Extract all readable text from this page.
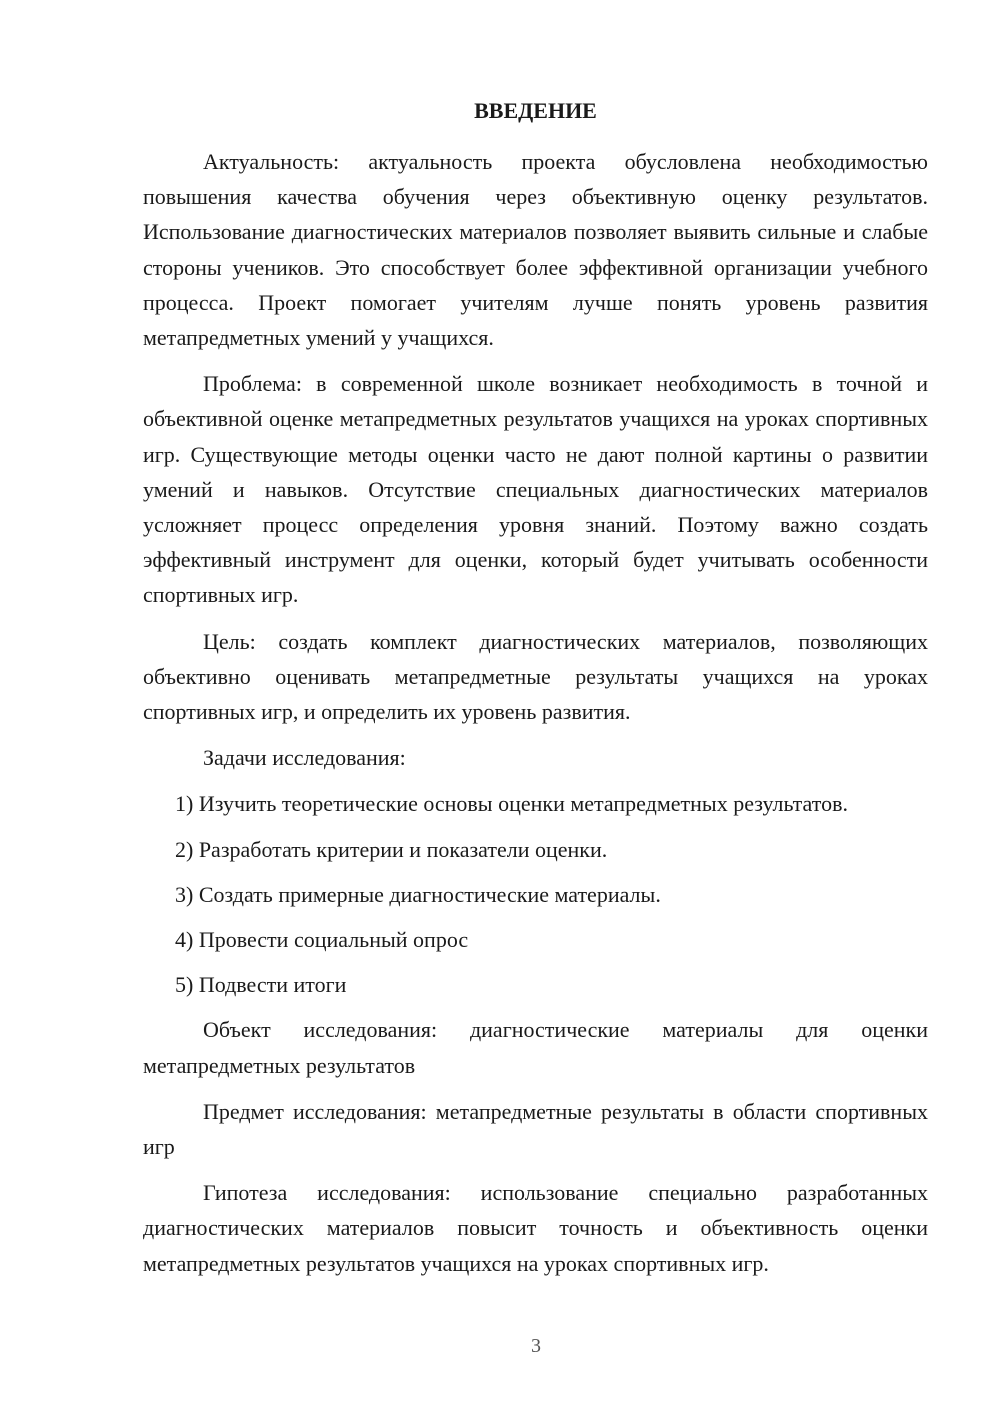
ВВЕДЕНИЕ

Актуальность: актуальность проекта обусловлена необходимостью повышения качества обучения через объективную оценку результатов. Использование диагностических материалов позволяет выявить сильные и слабые стороны учеников. Это способствует более эффективной организации учебного процесса. Проект помогает учителям лучше понять уровень развития метапредметных умений у учащихся.

Проблема: в современной школе возникает необходимость в точной и объективной оценке метапредметных результатов учащихся на уроках спортивных игр. Существующие методы оценки часто не дают полной картины о развитии умений и навыков. Отсутствие специальных диагностических материалов усложняет процесс определения уровня знаний. Поэтому важно создать эффективный инструмент для оценки, который будет учитывать особенности спортивных игр.

Цель: создать комплект диагностических материалов, позволяющих объективно оценивать метапредметные результаты учащихся на уроках спортивных игр, и определить их уровень развития.

Задачи исследования:

1) Изучить теоретические основы оценки метапредметных результатов.

2) Разработать критерии и показатели оценки.

3) Создать примерные диагностические материалы.

4) Провести социальный опрос

5) Подвести итоги

Объект исследования: диагностические материалы для оценки метапредметных результатов

Предмет исследования: метапредметные результаты в области спортивных игр

Гипотеза исследования: использование специально разработанных диагностических материалов повысит точность и объективность оценки метапредметных результатов учащихся на уроках спортивных игр.

3
